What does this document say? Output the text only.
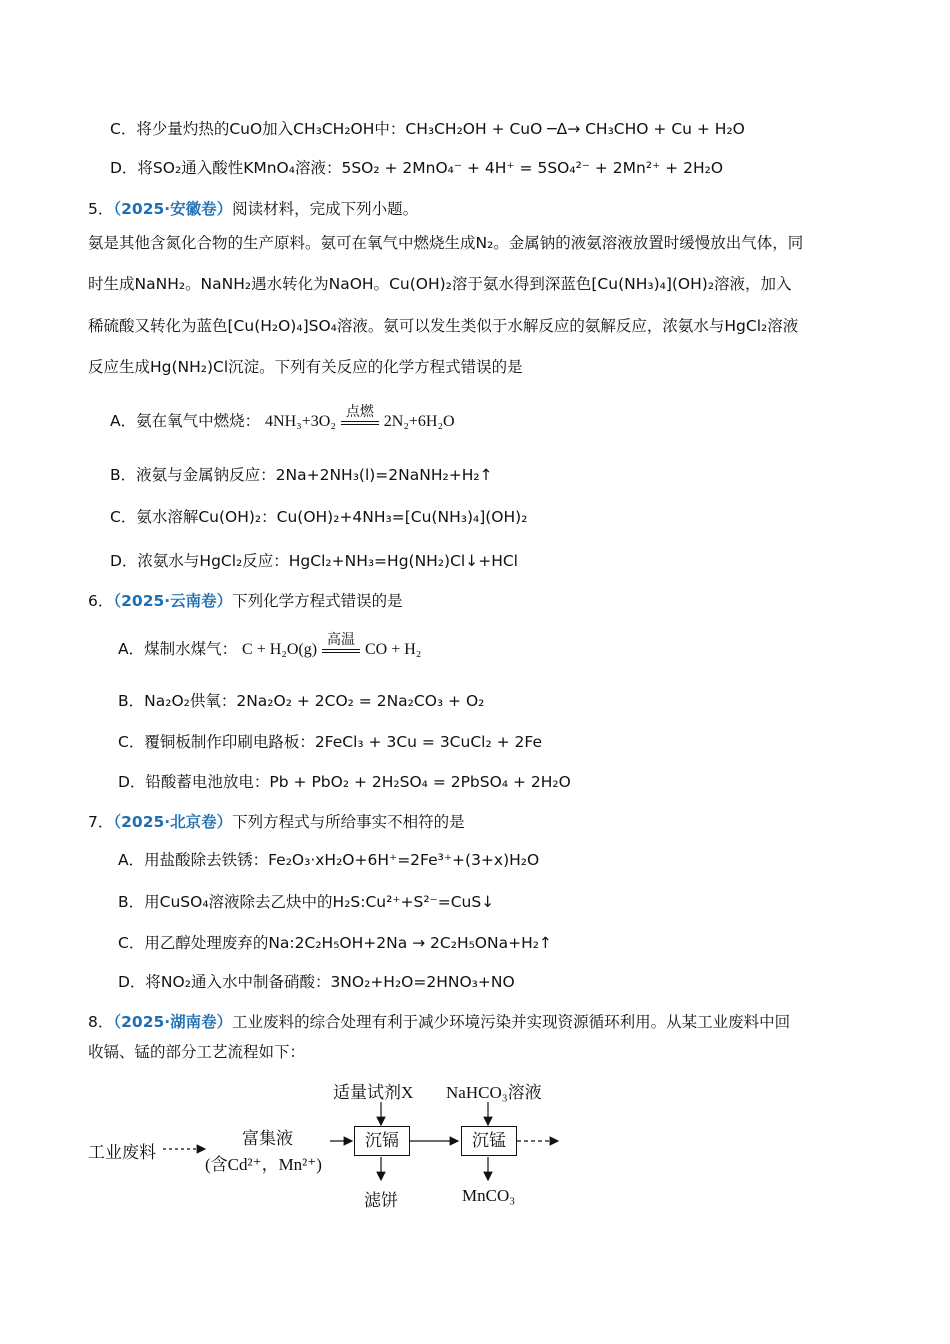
C．将少量灼热的CuO加入CH₃CH₂OH中：CH₃CH₂OH + CuO ─Δ→ CH₃CHO + Cu + H₂O
D．将SO₂通入酸性KMnO₄溶液：5SO₂ + 2MnO₄⁻ + 4H⁺ = 5SO₄²⁻ + 2Mn²⁺ + 2H₂O
5．（2025·安徽卷）阅读材料，完成下列小题。
氨是其他含氮化合物的生产原料。氨可在氧气中燃烧生成N₂。金属钠的液氨溶液放置时缓慢放出气体，同
时生成NaNH₂。NaNH₂遇水转化为NaOH。Cu(OH)₂溶于氨水得到深蓝色[Cu(NH₃)₄](OH)₂溶液，加入
稀硫酸又转化为蓝色[Cu(H₂O)₄]SO₄溶液。氨可以发生类似于水解反应的氨解反应，浓氨水与HgCl₂溶液
反应生成Hg(NH₂)Cl沉淀。下列有关反应的化学方程式错误的是
A．氨在氧气中燃烧： 4NH₃+3O₂
点燃
2N₂+6H₂O
B．液氨与金属钠反应：2Na+2NH₃(l)=2NaNH₂+H₂↑
C．氨水溶解Cu(OH)₂：Cu(OH)₂+4NH₃=[Cu(NH₃)₄](OH)₂
D．浓氨水与HgCl₂反应：HgCl₂+NH₃=Hg(NH₂)Cl↓+HCl
6．（2025·云南卷）下列化学方程式错误的是
A．煤制水煤气： C + H₂O(g)
高温
CO + H₂
B．Na₂O₂供氧：2Na₂O₂ + 2CO₂ = 2Na₂CO₃ + O₂
C．覆铜板制作印刷电路板：2FeCl₃ + 3Cu = 3CuCl₂ + 2Fe
D．铅酸蓄电池放电：Pb + PbO₂ + 2H₂SO₄ = 2PbSO₄ + 2H₂O
7．（2025·北京卷）下列方程式与所给事实不相符的是
A．用盐酸除去铁锈：Fe₂O₃·xH₂O+6H⁺=2Fe³⁺+(3+x)H₂O
B．用CuSO₄溶液除去乙炔中的H₂S:Cu²⁺+S²⁻=CuS↓
C．用乙醇处理废弃的Na:2C₂H₅OH+2Na → 2C₂H₅ONa+H₂↑
D．将NO₂通入水中制备硝酸：3NO₂+H₂O=2HNO₃+NO
8．（2025·湖南卷）工业废料的综合处理有利于减少环境污染并实现资源循环利用。从某工业废料中回
收镉、锰的部分工艺流程如下：
工业废料
富集液
(含Cd²⁺，Mn²⁺)
适量试剂X NaHCO₃溶液
沉镉	沉锰
滤饼	MnCO₃
